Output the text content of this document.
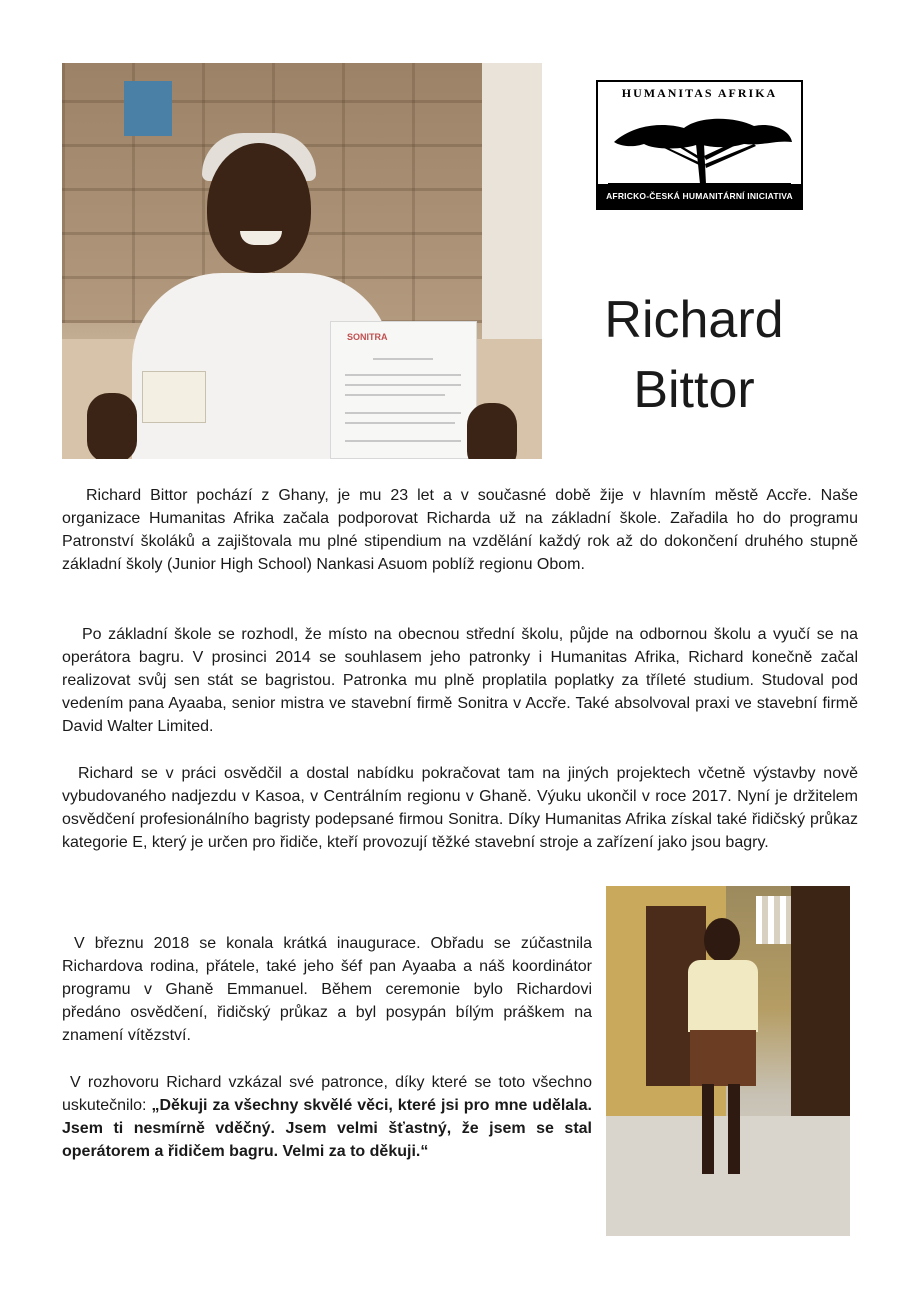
SONITRA
HUMANITAS AFRIKA
AFRICKO-ČESKÁ HUMANITÁRNÍ INICIATIVA
Richard
Bittor
Richard Bittor pochází z Ghany, je mu 23 let a v současné době žije v hlavním městě Accře. Naše organizace Humanitas Afrika začala podporovat Richarda už na základní škole. Zařadila ho do programu Patronství školáků a zajištovala mu plné stipendium na vzdělání každý rok až do dokončení druhého stupně základní školy (Junior High School) Nankasi Asuom poblíž regionu Obom.
Po základní škole se rozhodl, že místo na obecnou střední školu, půjde na odbornou školu a vyučí se na operátora bagru. V prosinci 2014 se souhlasem jeho patronky i Humanitas Afrika, Richard konečně začal realizovat svůj sen stát se bagristou. Patronka mu plně proplatila poplatky za tříleté studium. Studoval pod vedením pana Ayaaba, senior mistra ve stavební firmě Sonitra v Accře. Také absolvoval praxi ve stavební firmě David Walter Limited.
Richard se v práci osvědčil a dostal nabídku pokračovat tam na jiných projektech včetně výstavby nově vybudovaného nadjezdu v Kasoa, v Centrálním regionu v Ghaně. Výuku ukončil v roce 2017. Nyní je držitelem osvědčení profesionálního bagristy podepsané firmou Sonitra. Díky Humanitas Afrika získal také řidičský průkaz kategorie E, který je určen pro řidiče, kteří provozují těžké stavební stroje a zařízení jako jsou bagry.
V březnu 2018 se konala krátká inaugurace. Obřadu se zúčastnila Richardova rodina, přátele, také jeho šéf pan Ayaaba a náš koordinátor programu v Ghaně Emmanuel. Během ceremonie bylo Richardovi předáno osvědčení, řidičský průkaz a byl posypán bílým práškem na znamení vítězství.
V rozhovoru Richard vzkázal své patronce, díky které se toto všechno uskutečnilo: „Děkuji za všechny skvělé věci, které jsi pro mne udělala. Jsem ti nesmírně vděčný. Jsem velmi šťastný, že jsem se stal operátorem a řidičem bagru. Velmi za to děkuji.“
